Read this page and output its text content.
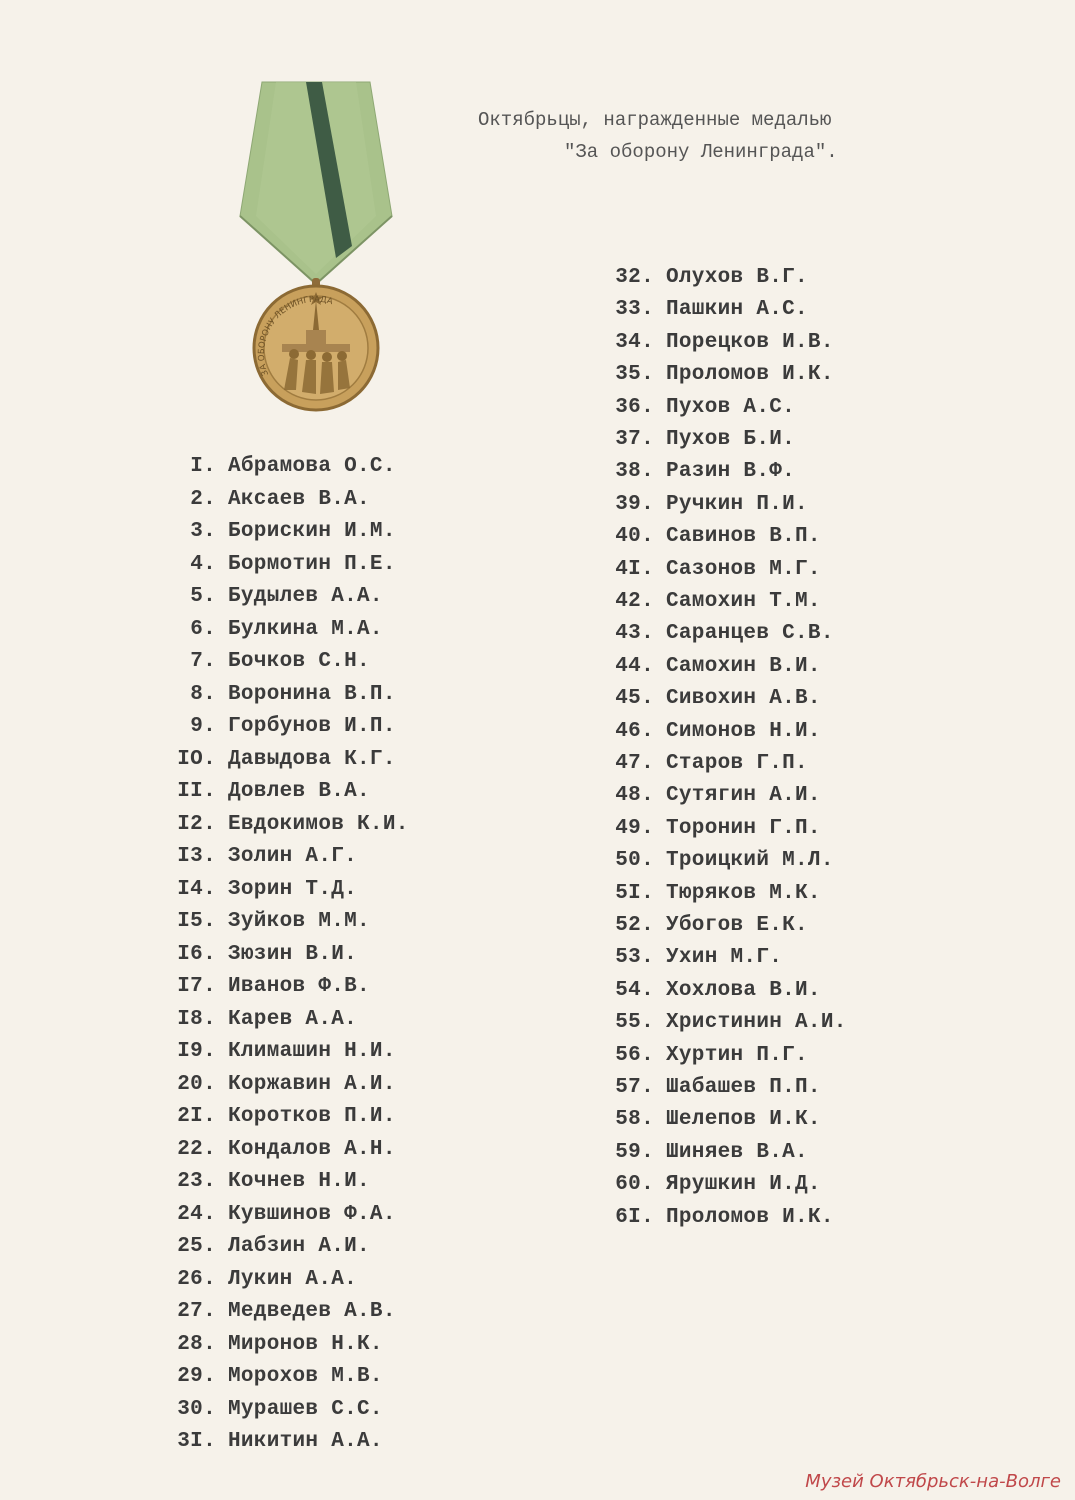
Октябрьцы, награжденные медалью
"За оборону Ленинграда".
ЗА ОБОРОНУ ЛЕНИНГРАДА
I. Абрамова О.С.
2. Аксаев В.А.
3. Борискин И.М.
4. Бормотин П.Е.
5. Будылев А.А.
6. Булкина М.А.
7. Бочков С.Н.
8. Воронина В.П.
9. Горбунов И.П.
IO. Давыдова К.Г.
II. Довлев В.А.
I2. Евдокимов К.И.
I3. Золин А.Г.
I4. Зорин Т.Д.
I5. Зуйков М.М.
I6. Зюзин В.И.
I7. Иванов Ф.В.
I8. Карев А.А.
I9. Климашин Н.И.
20. Коржавин А.И.
2I. Коротков П.И.
22. Кондалов А.Н.
23. Кочнев Н.И.
24. Кувшинов Ф.А.
25. Лабзин А.И.
26. Лукин А.А.
27. Медведев А.В.
28. Миронов Н.К.
29. Морохов М.В.
30. Мурашев С.С.
3I. Никитин А.А.
32. Олухов В.Г.
33. Пашкин А.С.
34. Порецков И.В.
35. Проломов И.К.
36. Пухов А.С.
37. Пухов Б.И.
38. Разин В.Ф.
39. Ручкин П.И.
40. Савинов В.П.
4I. Сазонов М.Г.
42. Самохин Т.М.
43. Саранцев С.В.
44. Самохин В.И.
45. Сивохин А.В.
46. Симонов Н.И.
47. Старов Г.П.
48. Сутягин А.И.
49. Торонин Г.П.
50. Троицкий М.Л.
5I. Тюряков М.К.
52. Убогов Е.К.
53. Ухин М.Г.
54. Хохлова В.И.
55. Христинин А.И.
56. Хуртин П.Г.
57. Шабашев П.П.
58. Шелепов И.К.
59. Шиняев В.А.
60. Ярушкин И.Д.
6I. Проломов И.К.
Музей Октябрьск-на-Волге
